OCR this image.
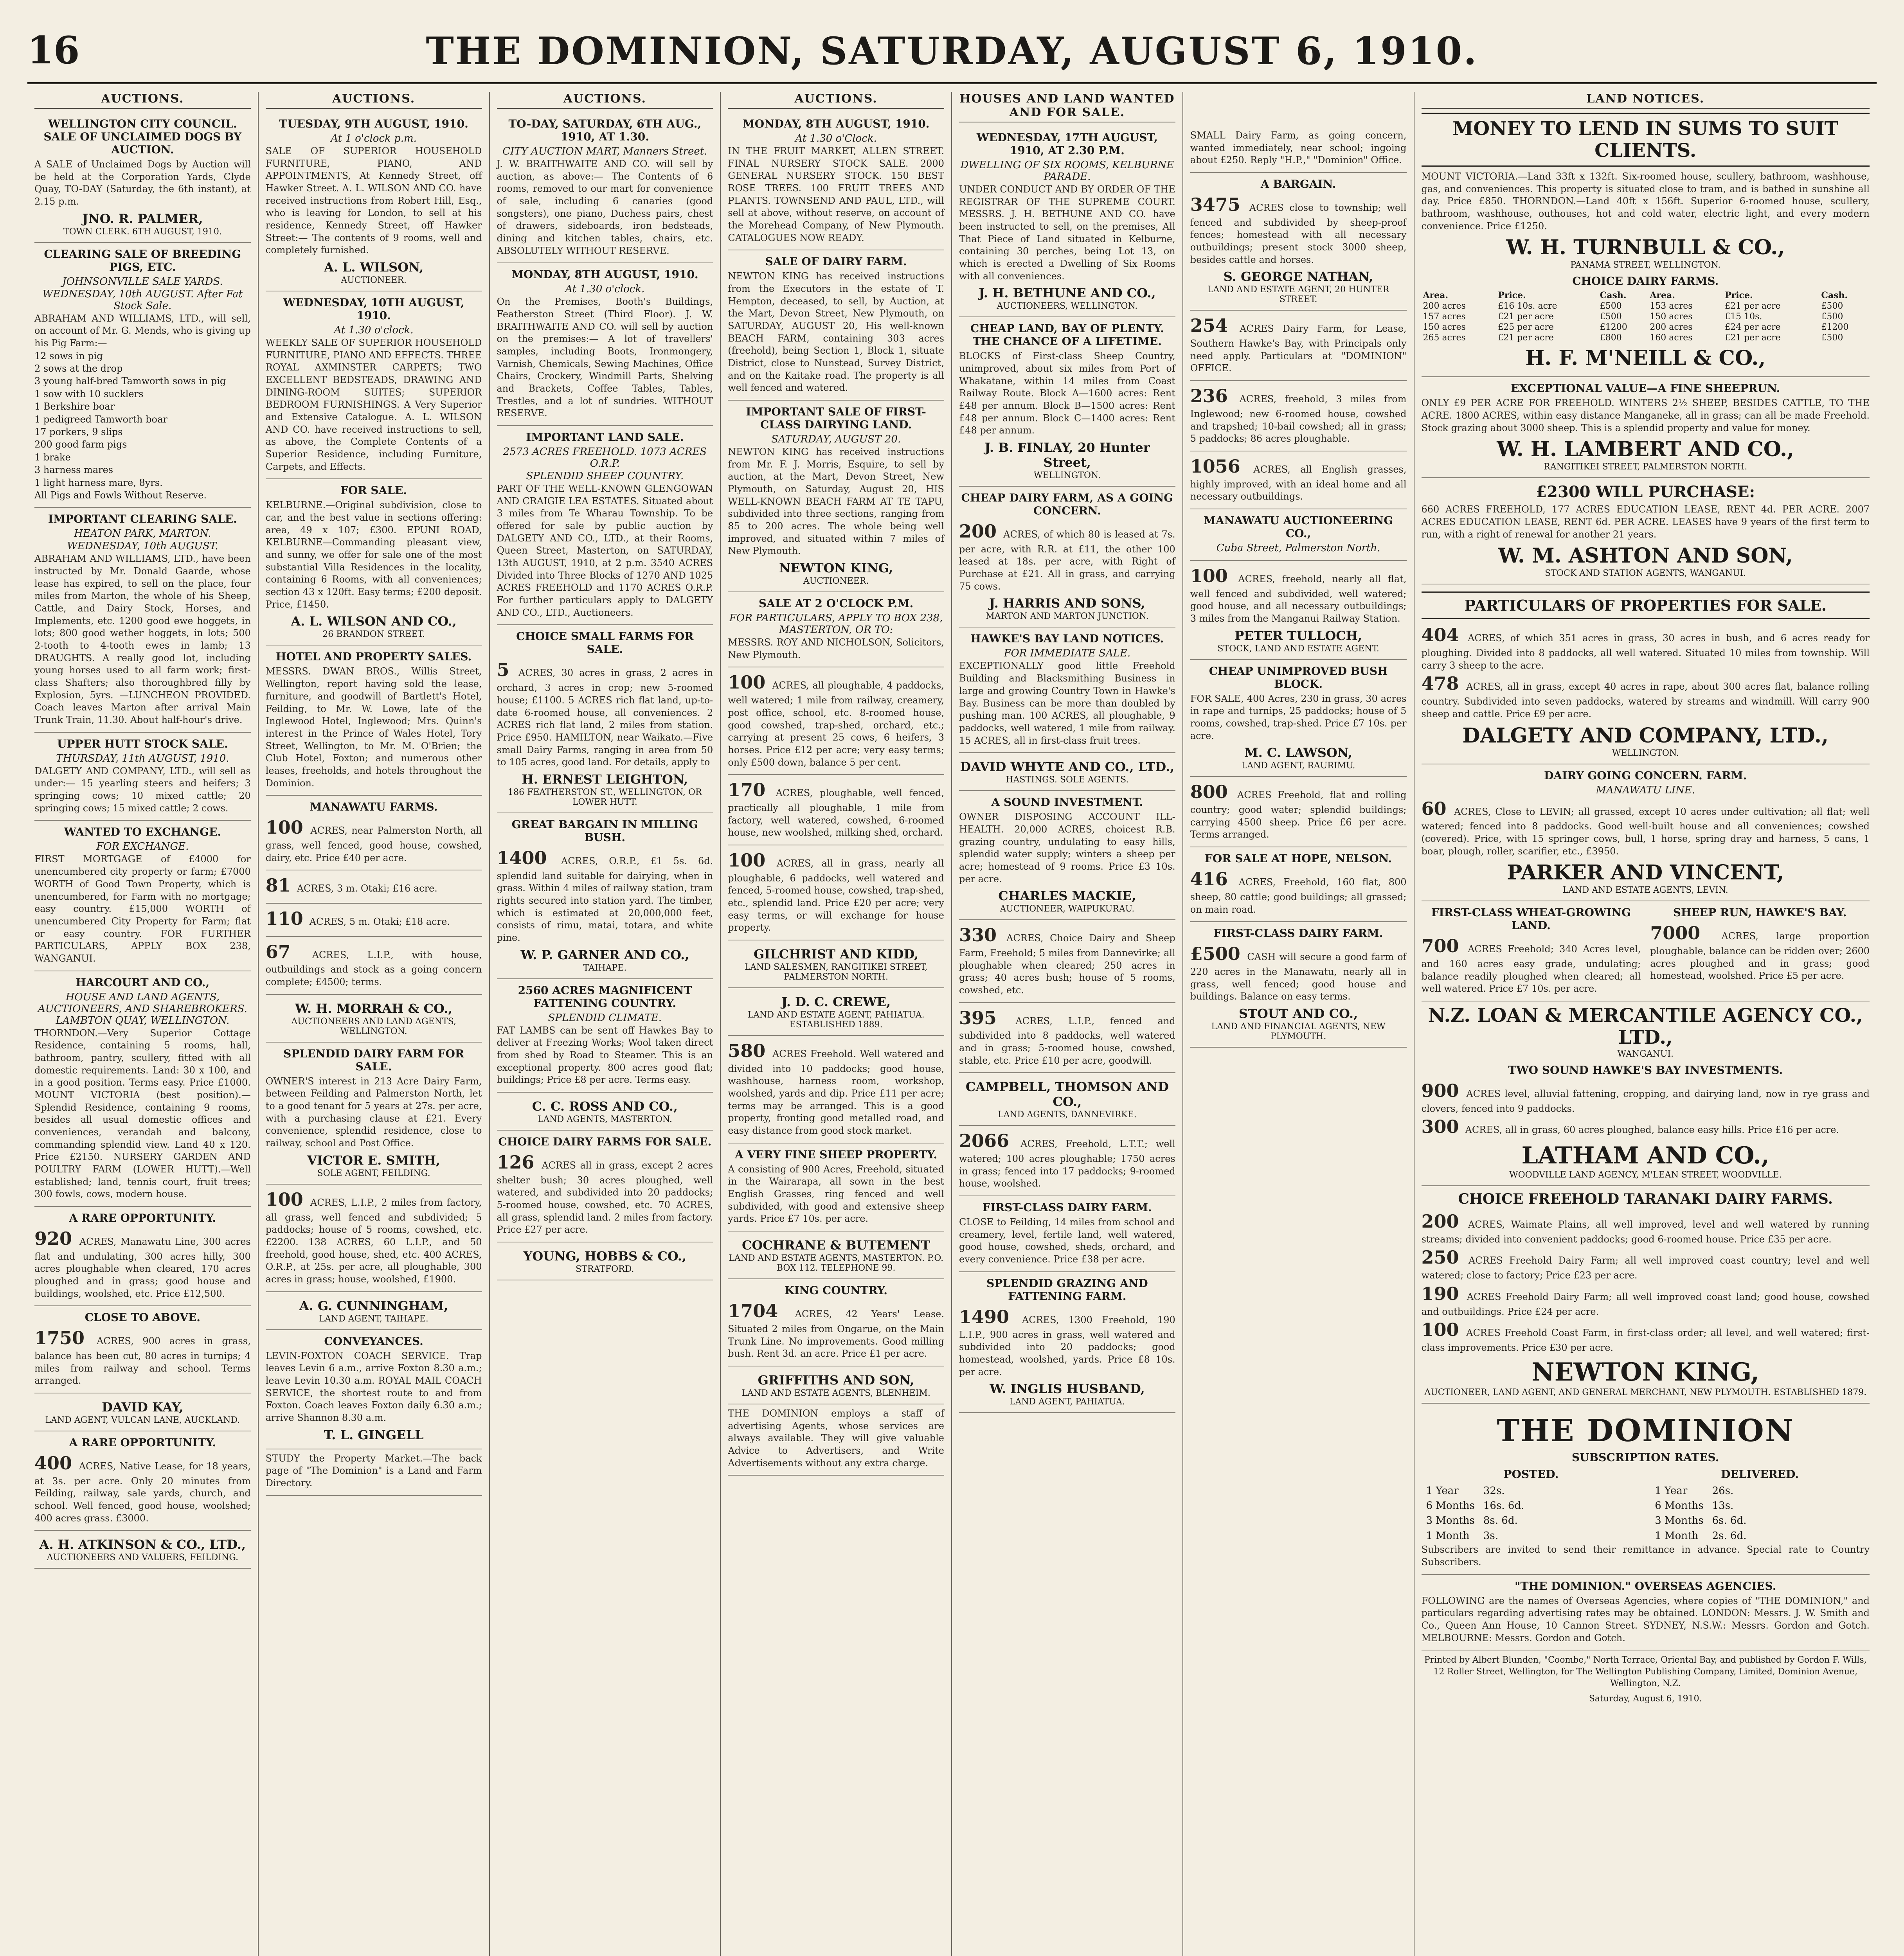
16	THE DOMINION, SATURDAY, AUGUST 6, 1910.
AUCTIONS.
WELLINGTON CITY COUNCIL. SALE OF UNCLAIMED DOGS BY AUCTION.

A SALE of Unclaimed Dogs by Auction will be held at the Corporation Yards, Clyde Quay, TO-DAY (Saturday, the 6th instant), at 2.15 p.m.

JNO. R. PALMER,
TOWN CLERK. 6TH AUGUST, 1910.
CLEARING SALE OF BREEDING PIGS, ETC.
JOHNSONVILLE SALE YARDS.
WEDNESDAY, 10th AUGUST. After Fat Stock Sale.

ABRAHAM AND WILLIAMS, LTD., will sell, on account of Mr. G. Mends, who is giving up his Pig Farm:—

12 sows in pig

2 sows at the drop

3 young half-bred Tamworth sows in pig

1 sow with 10 sucklers

1 Berkshire boar

1 pedigreed Tamworth boar

17 porkers, 9 slips

200 good farm pigs

1 brake

3 harness mares

1 light harness mare, 8yrs.

All Pigs and Fowls Without Reserve.

IMPORTANT CLEARING SALE.
HEATON PARK, MARTON.
WEDNESDAY, 10th AUGUST.

ABRAHAM AND WILLIAMS, LTD., have been instructed by Mr. Donald Gaarde, whose lease has expired, to sell on the place, four miles from Marton, the whole of his Sheep, Cattle, and Dairy Stock, Horses, and Implements, etc. 1200 good ewe hoggets, in lots; 800 good wether hoggets, in lots; 500 2-tooth to 4-tooth ewes in lamb; 13 DRAUGHTS. A really good lot, including young horses used to all farm work; first-class Shafters; also thoroughbred filly by Explosion, 5yrs. —LUNCHEON PROVIDED. Coach leaves Marton after arrival Main Trunk Train, 11.30. About half-hour's drive.

UPPER HUTT STOCK SALE.
THURSDAY, 11th AUGUST, 1910.

DALGETY AND COMPANY, LTD., will sell as under:— 15 yearling steers and heifers; 3 springing cows; 10 mixed cattle; 20 springing cows; 15 mixed cattle; 2 cows.

WANTED TO EXCHANGE.
FOR EXCHANGE.

FIRST MORTGAGE of £4000 for unencumbered city property or farm; £7000 WORTH of Good Town Property, which is unencumbered, for Farm with no mortgage; easy country. £15,000 WORTH of unencumbered City Property for Farm; flat or easy country. FOR FURTHER PARTICULARS, APPLY BOX 238, WANGANUI.

HARCOURT AND CO.,
HOUSE AND LAND AGENTS, AUCTIONEERS, AND SHAREBROKERS. LAMBTON QUAY, WELLINGTON.

THORNDON.—Very Superior Cottage Residence, containing 5 rooms, hall, bathroom, pantry, scullery, fitted with all domestic requirements. Land: 30 x 100, and in a good position. Terms easy. Price £1000. MOUNT VICTORIA (best position).—Splendid Residence, containing 9 rooms, besides all usual domestic offices and conveniences, verandah and balcony, commanding splendid view. Land 40 x 120. Price £2150. NURSERY GARDEN AND POULTRY FARM (LOWER HUTT).—Well established; land, tennis court, fruit trees; 300 fowls, cows, modern house.

A RARE OPPORTUNITY.

920 ACRES, Manawatu Line, 300 acres flat and undulating, 300 acres hilly, 300 acres ploughable when cleared, 170 acres ploughed and in grass; good house and buildings, woolshed, etc. Price £12,500.

CLOSE TO ABOVE.

1750 ACRES, 900 acres in grass, balance has been cut, 80 acres in turnips; 4 miles from railway and school. Terms arranged.

DAVID KAY,
LAND AGENT, VULCAN LANE, AUCKLAND.
A RARE OPPORTUNITY.

400 ACRES, Native Lease, for 18 years, at 3s. per acre. Only 20 minutes from Feilding, railway, sale yards, church, and school. Well fenced, good house, woolshed; 400 acres grass. £3000.

A. H. ATKINSON & CO., LTD.,
AUCTIONEERS AND VALUERS, FEILDING.
AUCTIONS.
TUESDAY, 9TH AUGUST, 1910.
At 1 o'clock p.m.

SALE OF SUPERIOR HOUSEHOLD FURNITURE, PIANO, AND APPOINTMENTS, At Kennedy Street, off Hawker Street. A. L. WILSON AND CO. have received instructions from Robert Hill, Esq., who is leaving for London, to sell at his residence, Kennedy Street, off Hawker Street:— The contents of 9 rooms, well and completely furnished.

A. L. WILSON,
AUCTIONEER.
WEDNESDAY, 10TH AUGUST, 1910.
At 1.30 o'clock.

WEEKLY SALE OF SUPERIOR HOUSEHOLD FURNITURE, PIANO AND EFFECTS. THREE ROYAL AXMINSTER CARPETS; TWO EXCELLENT BEDSTEADS, DRAWING AND DINING-ROOM SUITES; SUPERIOR BEDROOM FURNISHINGS. A Very Superior and Extensive Catalogue. A. L. WILSON AND CO. have received instructions to sell, as above, the Complete Contents of a Superior Residence, including Furniture, Carpets, and Effects.

FOR SALE.

KELBURNE.—Original subdivision, close to car, and the best value in sections offering: area, 49 x 107; £300. EPUNI ROAD, KELBURNE—Commanding pleasant view, and sunny, we offer for sale one of the most substantial Villa Residences in the locality, containing 6 Rooms, with all conveniences; section 43 x 120ft. Easy terms; £200 deposit. Price, £1450.

A. L. WILSON AND CO.,
26 BRANDON STREET.
HOTEL AND PROPERTY SALES.

MESSRS. DWAN BROS., Willis Street, Wellington, report having sold the lease, furniture, and goodwill of Bartlett's Hotel, Feilding, to Mr. W. Lowe, late of the Inglewood Hotel, Inglewood; Mrs. Quinn's interest in the Prince of Wales Hotel, Tory Street, Wellington, to Mr. M. O'Brien; the Club Hotel, Foxton; and numerous other leases, freeholds, and hotels throughout the Dominion.

MANAWATU FARMS.

100 ACRES, near Palmerston North, all grass, well fenced, good house, cowshed, dairy, etc. Price £40 per acre.

81 ACRES, 3 m. Otaki; £16 acre.

110 ACRES, 5 m. Otaki; £18 acre.

67 ACRES, L.I.P., with house, outbuildings and stock as a going concern complete; £4500; terms.

W. H. MORRAH & CO.,
AUCTIONEERS AND LAND AGENTS, WELLINGTON.
SPLENDID DAIRY FARM FOR SALE.

OWNER'S interest in 213 Acre Dairy Farm, between Feilding and Palmerston North, let to a good tenant for 5 years at 27s. per acre, with a purchasing clause at £21. Every convenience, splendid residence, close to railway, school and Post Office.

VICTOR E. SMITH,
SOLE AGENT, FEILDING.

100 ACRES, L.I.P., 2 miles from factory, all grass, well fenced and subdivided; 5 paddocks; house of 5 rooms, cowshed, etc. £2200. 138 ACRES, 60 L.I.P., and 50 freehold, good house, shed, etc. 400 ACRES, O.R.P., at 25s. per acre, all ploughable, 300 acres in grass; house, woolshed, £1900.

A. G. CUNNINGHAM,
LAND AGENT, TAIHAPE.
CONVEYANCES.

LEVIN-FOXTON COACH SERVICE. Trap leaves Levin 6 a.m., arrive Foxton 8.30 a.m.; leave Levin 10.30 a.m. ROYAL MAIL COACH SERVICE, the shortest route to and from Foxton. Coach leaves Foxton daily 6.30 a.m.; arrive Shannon 8.30 a.m.

T. L. GINGELL

STUDY the Property Market.—The back page of "The Dominion" is a Land and Farm Directory.

AUCTIONS.
TO-DAY, SATURDAY, 6TH AUG., 1910, AT 1.30.
CITY AUCTION MART, Manners Street.

J. W. BRAITHWAITE AND CO. will sell by auction, as above:— The Contents of 6 rooms, removed to our mart for convenience of sale, including 6 canaries (good songsters), one piano, Duchess pairs, chest of drawers, sideboards, iron bedsteads, dining and kitchen tables, chairs, etc. ABSOLUTELY WITHOUT RESERVE.

MONDAY, 8TH AUGUST, 1910.
At 1.30 o'clock.

On the Premises, Booth's Buildings, Featherston Street (Third Floor). J. W. BRAITHWAITE AND CO. will sell by auction on the premises:— A lot of travellers' samples, including Boots, Ironmongery, Varnish, Chemicals, Sewing Machines, Office Chairs, Crockery, Windmill Parts, Shelving and Brackets, Coffee Tables, Tables, Trestles, and a lot of sundries. WITHOUT RESERVE.

IMPORTANT LAND SALE.
2573 ACRES FREEHOLD. 1073 ACRES O.R.P.
SPLENDID SHEEP COUNTRY.

PART OF THE WELL-KNOWN GLENGOWAN AND CRAIGIE LEA ESTATES. Situated about 3 miles from Te Wharau Township. To be offered for sale by public auction by DALGETY AND CO., LTD., at their Rooms, Queen Street, Masterton, on SATURDAY, 13th AUGUST, 1910, at 2 p.m. 3540 ACRES Divided into Three Blocks of 1270 AND 1025 ACRES FREEHOLD and 1170 ACRES O.R.P. For further particulars apply to DALGETY AND CO., LTD., Auctioneers.

CHOICE SMALL FARMS FOR SALE.

5 ACRES, 30 acres in grass, 2 acres in orchard, 3 acres in crop; new 5-roomed house; £1100. 5 ACRES rich flat land, up-to-date 6-roomed house, all conveniences. 2 ACRES rich flat land, 2 miles from station. Price £950. HAMILTON, near Waikato.—Five small Dairy Farms, ranging in area from 50 to 105 acres, good land. For details, apply to

H. ERNEST LEIGHTON,
186 FEATHERSTON ST., WELLINGTON, OR LOWER HUTT.
GREAT BARGAIN IN MILLING BUSH.

1400 ACRES, O.R.P., £1 5s. 6d. splendid land suitable for dairying, when in grass. Within 4 miles of railway station, tram rights secured into station yard. The timber, which is estimated at 20,000,000 feet, consists of rimu, matai, totara, and white pine.

W. P. GARNER AND CO.,
TAIHAPE.
2560 ACRES MAGNIFICENT FATTENING COUNTRY.
SPLENDID CLIMATE.

FAT LAMBS can be sent off Hawkes Bay to deliver at Freezing Works; Wool taken direct from shed by Road to Steamer. This is an exceptional property. 800 acres good flat; buildings; Price £8 per acre. Terms easy.

C. C. ROSS AND CO.,
LAND AGENTS, MASTERTON.
CHOICE DAIRY FARMS FOR SALE.

126 ACRES all in grass, except 2 acres shelter bush; 30 acres ploughed, well watered, and subdivided into 20 paddocks; 5-roomed house, cowshed, etc. 70 ACRES, all grass, splendid land. 2 miles from factory. Price £27 per acre.

YOUNG, HOBBS & CO.,
STRATFORD.
AUCTIONS.
MONDAY, 8TH AUGUST, 1910.
At 1.30 o'Clock.

IN THE FRUIT MARKET, ALLEN STREET. FINAL NURSERY STOCK SALE. 2000 GENERAL NURSERY STOCK. 150 BEST ROSE TREES. 100 FRUIT TREES AND PLANTS. TOWNSEND AND PAUL, LTD., will sell at above, without reserve, on account of the Morehead Company, of New Plymouth. CATALOGUES NOW READY.

SALE OF DAIRY FARM.

NEWTON KING has received instructions from the Executors in the estate of T. Hempton, deceased, to sell, by Auction, at the Mart, Devon Street, New Plymouth, on SATURDAY, AUGUST 20, His well-known BEACH FARM, containing 303 acres (freehold), being Section 1, Block 1, situate District, close to Nunstead, Survey District, and on the Kaitake road. The property is all well fenced and watered.

IMPORTANT SALE OF FIRST-CLASS DAIRYING LAND.
SATURDAY, AUGUST 20.

NEWTON KING has received instructions from Mr. F. J. Morris, Esquire, to sell by auction, at the Mart, Devon Street, New Plymouth, on Saturday, August 20, HIS WELL-KNOWN BEACH FARM AT TE TAPU, subdivided into three sections, ranging from 85 to 200 acres. The whole being well improved, and situated within 7 miles of New Plymouth.

NEWTON KING,
AUCTIONEER.
SALE AT 2 O'CLOCK P.M.
FOR PARTICULARS, APPLY TO BOX 238, MASTERTON, OR TO:

MESSRS. ROY AND NICHOLSON, Solicitors, New Plymouth.

100 ACRES, all ploughable, 4 paddocks, well watered; 1 mile from railway, creamery, post office, school, etc. 8-roomed house, good cowshed, trap-shed, orchard, etc.; carrying at present 25 cows, 6 heifers, 3 horses. Price £12 per acre; very easy terms; only £500 down, balance 5 per cent.

170 ACRES, ploughable, well fenced, practically all ploughable, 1 mile from factory, well watered, cowshed, 6-roomed house, new woolshed, milking shed, orchard.

100 ACRES, all in grass, nearly all ploughable, 6 paddocks, well watered and fenced, 5-roomed house, cowshed, trap-shed, etc., splendid land. Price £20 per acre; very easy terms, or will exchange for house property.

GILCHRIST AND KIDD,
LAND SALESMEN, RANGITIKEI STREET, PALMERSTON NORTH.
J. D. C. CREWE,
LAND AND ESTATE AGENT, PAHIATUA. ESTABLISHED 1889.

580 ACRES Freehold. Well watered and divided into 10 paddocks; good house, washhouse, harness room, workshop, woolshed, yards and dip. Price £11 per acre; terms may be arranged. This is a good property, fronting good metalled road, and easy distance from good stock market.

A VERY FINE SHEEP PROPERTY.

A consisting of 900 Acres, Freehold, situated in the Wairarapa, all sown in the best English Grasses, ring fenced and well subdivided, with good and extensive sheep yards. Price £7 10s. per acre.

COCHRANE & BUTEMENT
LAND AND ESTATE AGENTS, MASTERTON. P.O. BOX 112. TELEPHONE 99.
KING COUNTRY.

1704 ACRES, 42 Years' Lease. Situated 2 miles from Ongarue, on the Main Trunk Line. No improvements. Good milling bush. Rent 3d. an acre. Price £1 per acre.

GRIFFITHS AND SON,
LAND AND ESTATE AGENTS, BLENHEIM.

THE DOMINION employs a staff of advertising Agents, whose services are always available. They will give valuable Advice to Advertisers, and Write Advertisements without any extra charge.

HOUSES AND LAND WANTED AND FOR SALE.
WEDNESDAY, 17TH AUGUST, 1910, AT 2.30 P.M.
DWELLING OF SIX ROOMS, KELBURNE PARADE.

UNDER CONDUCT AND BY ORDER OF THE REGISTRAR OF THE SUPREME COURT. MESSRS. J. H. BETHUNE AND CO. have been instructed to sell, on the premises, All That Piece of Land situated in Kelburne, containing 30 perches, being Lot 13, on which is erected a Dwelling of Six Rooms with all conveniences.

J. H. BETHUNE AND CO.,
AUCTIONEERS, WELLINGTON.
CHEAP LAND, BAY OF PLENTY. THE CHANCE OF A LIFETIME.

BLOCKS of First-class Sheep Country, unimproved, about six miles from Port of Whakatane, within 14 miles from Coast Railway Route. Block A—1600 acres: Rent £48 per annum. Block B—1500 acres: Rent £48 per annum. Block C—1400 acres: Rent £48 per annum.

J. B. FINLAY, 20 Hunter Street,
WELLINGTON.
CHEAP DAIRY FARM, AS A GOING CONCERN.

200 ACRES, of which 80 is leased at 7s. per acre, with R.R. at £11, the other 100 leased at 18s. per acre, with Right of Purchase at £21. All in grass, and carrying 75 cows.

J. HARRIS AND SONS,
MARTON AND MARTON JUNCTION.
HAWKE'S BAY LAND NOTICES.
FOR IMMEDIATE SALE.

EXCEPTIONALLY good little Freehold Building and Blacksmithing Business in large and growing Country Town in Hawke's Bay. Business can be more than doubled by pushing man. 100 ACRES, all ploughable, 9 paddocks, well watered, 1 mile from railway. 15 ACRES, all in first-class fruit trees.

DAVID WHYTE AND CO., LTD.,
HASTINGS. SOLE AGENTS.
A SOUND INVESTMENT.

OWNER DISPOSING ACCOUNT ILL-HEALTH. 20,000 ACRES, choicest R.B. grazing country, undulating to easy hills, splendid water supply; winters a sheep per acre; homestead of 9 rooms. Price £3 10s. per acre.

CHARLES MACKIE,
AUCTIONEER, WAIPUKURAU.

330 ACRES, Choice Dairy and Sheep Farm, Freehold; 5 miles from Dannevirke; all ploughable when cleared; 250 acres in grass; 40 acres bush; house of 5 rooms, cowshed, etc.

395 ACRES, L.I.P., fenced and subdivided into 8 paddocks, well watered and in grass; 5-roomed house, cowshed, stable, etc. Price £10 per acre, goodwill.

CAMPBELL, THOMSON AND CO.,
LAND AGENTS, DANNEVIRKE.

2066 ACRES, Freehold, L.T.T.; well watered; 100 acres ploughable; 1750 acres in grass; fenced into 17 paddocks; 9-roomed house, woolshed.

FIRST-CLASS DAIRY FARM.

CLOSE to Feilding, 14 miles from school and creamery, level, fertile land, well watered, good house, cowshed, sheds, orchard, and every convenience. Price £38 per acre.

SPLENDID GRAZING AND FATTENING FARM.

1490 ACRES, 1300 Freehold, 190 L.I.P., 900 acres in grass, well watered and subdivided into 20 paddocks; good homestead, woolshed, yards. Price £8 10s. per acre.

W. INGLIS HUSBAND,
LAND AGENT, PAHIATUA.

SMALL Dairy Farm, as going concern, wanted immediately, near school; ingoing about £250. Reply "H.P.," "Dominion" Office.

A BARGAIN.

3475 ACRES close to township; well fenced and subdivided by sheep-proof fences; homestead with all necessary outbuildings; present stock 3000 sheep, besides cattle and horses.

S. GEORGE NATHAN,
LAND AND ESTATE AGENT, 20 HUNTER STREET.

254 ACRES Dairy Farm, for Lease, Southern Hawke's Bay, with Principals only need apply. Particulars at "DOMINION" OFFICE.

236 ACRES, freehold, 3 miles from Inglewood; new 6-roomed house, cowshed and trapshed; 10-bail cowshed; all in grass; 5 paddocks; 86 acres ploughable.

1056 ACRES, all English grasses, highly improved, with an ideal home and all necessary outbuildings.

MANAWATU AUCTIONEERING CO.,
Cuba Street, Palmerston North.

100 ACRES, freehold, nearly all flat, well fenced and subdivided, well watered; good house, and all necessary outbuildings; 3 miles from the Manganui Railway Station.

PETER TULLOCH,
STOCK, LAND AND ESTATE AGENT.
CHEAP UNIMPROVED BUSH BLOCK.

FOR SALE, 400 Acres, 230 in grass, 30 acres in rape and turnips, 25 paddocks; house of 5 rooms, cowshed, trap-shed. Price £7 10s. per acre.

M. C. LAWSON,
LAND AGENT, RAURIMU.

800 ACRES Freehold, flat and rolling country; good water; splendid buildings; carrying 4500 sheep. Price £6 per acre. Terms arranged.

FOR SALE AT HOPE, NELSON.

416 ACRES, Freehold, 160 flat, 800 sheep, 80 cattle; good buildings; all grassed; on main road.

FIRST-CLASS DAIRY FARM.

£500 CASH will secure a good farm of 220 acres in the Manawatu, nearly all in grass, well fenced; good house and buildings. Balance on easy terms.

STOUT AND CO.,
LAND AND FINANCIAL AGENTS, NEW PLYMOUTH.
LAND NOTICES.
MONEY TO LEND IN SUMS TO SUIT CLIENTS.

MOUNT VICTORIA.—Land 33ft x 132ft. Six-roomed house, scullery, bathroom, washhouse, gas, and conveniences. This property is situated close to tram, and is bathed in sunshine all day. Price £850. THORNDON.—Land 40ft x 156ft. Superior 6-roomed house, scullery, bathroom, washhouse, outhouses, hot and cold water, electric light, and every modern convenience. Price £1250.

W. H. TURNBULL & CO.,
PANAMA STREET, WELLINGTON.
CHOICE DAIRY FARMS.
Area.	Price.	Cash.	Area.	Price.	Cash.
200 acres	£16 10s. acre	£500	153 acres	£21 per acre	£500
157 acres	£21 per acre	£500	150 acres	£15 10s.	£500
150 acres	£25 per acre	£1200	200 acres	£24 per acre	£1200
265 acres	£21 per acre	£800	160 acres	£21 per acre	£500
H. F. M'NEILL & CO.,
EXCEPTIONAL VALUE—A FINE SHEEPRUN.

ONLY £9 PER ACRE FOR FREEHOLD. WINTERS 2½ SHEEP, BESIDES CATTLE, TO THE ACRE. 1800 ACRES, within easy distance Manganeke, all in grass; can all be made Freehold. Stock grazing about 3000 sheep. This is a splendid property and value for money.

W. H. LAMBERT AND CO.,
RANGITIKEI STREET, PALMERSTON NORTH.
£2300 WILL PURCHASE:

660 ACRES FREEHOLD, 177 ACRES EDUCATION LEASE, RENT 4d. PER ACRE. 2007 ACRES EDUCATION LEASE, RENT 6d. PER ACRE. LEASES have 9 years of the first term to run, with a right of renewal for another 21 years.

W. M. ASHTON AND SON,
STOCK AND STATION AGENTS, WANGANUI.
PARTICULARS OF PROPERTIES FOR SALE.

404 ACRES, of which 351 acres in grass, 30 acres in bush, and 6 acres ready for ploughing. Divided into 8 paddocks, all well watered. Situated 10 miles from township. Will carry 3 sheep to the acre.

478 ACRES, all in grass, except 40 acres in rape, about 300 acres flat, balance rolling country. Subdivided into seven paddocks, watered by streams and windmill. Will carry 900 sheep and cattle. Price £9 per acre.

DALGETY AND COMPANY, LTD.,
WELLINGTON.
DAIRY GOING CONCERN. FARM.
MANAWATU LINE.

60 ACRES, Close to LEVIN; all grassed, except 10 acres under cultivation; all flat; well watered; fenced into 8 paddocks. Good well-built house and all conveniences; cowshed (covered). Price, with 15 springer cows, bull, 1 horse, spring dray and harness, 5 cans, 1 boar, plough, roller, scarifier, etc., £3950.

PARKER AND VINCENT,
LAND AND ESTATE AGENTS, LEVIN.
FIRST-CLASS WHEAT-GROWING LAND.

700 ACRES Freehold; 340 Acres level, and 160 acres easy grade, undulating; balance readily ploughed when cleared; all well watered. Price £7 10s. per acre.

SHEEP RUN, HAWKE'S BAY.

7000 ACRES, large proportion ploughable, balance can be ridden over; 2600 acres ploughed and in grass; good homestead, woolshed. Price £5 per acre.

N.Z. LOAN & MERCANTILE AGENCY CO., LTD.,
WANGANUI.
TWO SOUND HAWKE'S BAY INVESTMENTS.

900 ACRES level, alluvial fattening, cropping, and dairying land, now in rye grass and clovers, fenced into 9 paddocks.

300 ACRES, all in grass, 60 acres ploughed, balance easy hills. Price £16 per acre.

LATHAM AND CO.,
WOODVILLE LAND AGENCY, M'LEAN STREET, WOODVILLE.
CHOICE FREEHOLD TARANAKI DAIRY FARMS.

200 ACRES, Waimate Plains, all well improved, level and well watered by running streams; divided into convenient paddocks; good 6-roomed house. Price £35 per acre.

250 ACRES Freehold Dairy Farm; all well improved coast country; level and well watered; close to factory; Price £23 per acre.

190 ACRES Freehold Dairy Farm; all well improved coast land; good house, cowshed and outbuildings. Price £24 per acre.

100 ACRES Freehold Coast Farm, in first-class order; all level, and well watered; first-class improvements. Price £30 per acre.

NEWTON KING,
AUCTIONEER, LAND AGENT, AND GENERAL MERCHANT, NEW PLYMOUTH. ESTABLISHED 1879.
THE DOMINION
SUBSCRIPTION RATES.
POSTED.
1 Year	32s.
6 Months	16s. 6d.
3 Months	8s. 6d.
1 Month	3s.
DELIVERED.
1 Year	26s.
6 Months	13s.
3 Months	6s. 6d.
1 Month	2s. 6d.

Subscribers are invited to send their remittance in advance. Special rate to Country Subscribers.

"THE DOMINION." OVERSEAS AGENCIES.

FOLLOWING are the names of Overseas Agencies, where copies of "THE DOMINION," and particulars regarding advertising rates may be obtained. LONDON: Messrs. J. W. Smith and Co., Queen Ann House, 10 Cannon Street. SYDNEY, N.S.W.: Messrs. Gordon and Gotch. MELBOURNE: Messrs. Gordon and Gotch.

Printed by Albert Blunden, "Coombe," North Terrace, Oriental Bay, and published by Gordon F. Wills, 12 Roller Street, Wellington, for The Wellington Publishing Company, Limited, Dominion Avenue, Wellington, N.Z.
Saturday, August 6, 1910.
